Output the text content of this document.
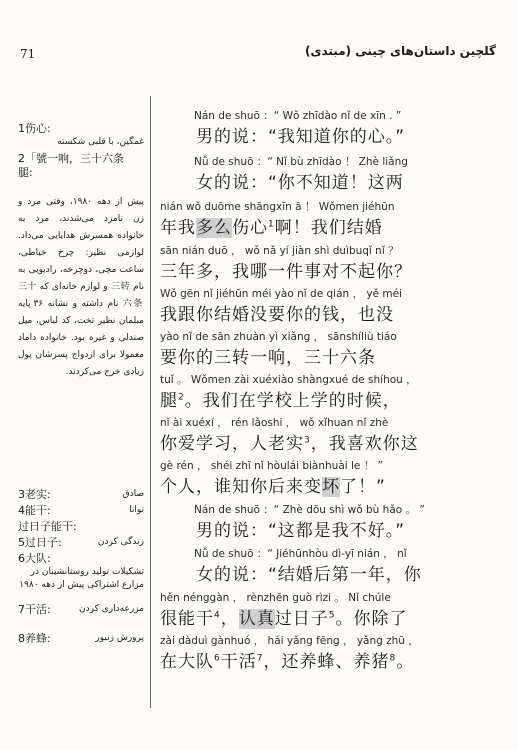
71	گلچین داستان‌های چینی (مبتدی)
1伤心:
غمگین، با قلبی شکسته
2「號一响，三十六条
腿:
پیش از دهه ۱۹۸۰، وقتی مرد و زن نامزد می‌شدند، مرد به خانواده همسرش هدایایی می‌داد. لوازمی نظیر: چرخ خیاطی، ساعت مچی، دوچرخه، رادیویی به نام 三转 و لوازم خانه‌ای که 三十六条 نام داشته و نشانه ۳۶ پایه مبلمان نظیر تخت، کد لباس، میل صندلی و غیره بود. خانواده داماد معمولا برای ازدواج پسرشان پول زیادی خرج می‌کردند.
3老实:	صادق
4能干:	توانا
过日子能干:
5过日子:	زندگی کردن
6大队:
تشکیلات تولید روستانشینان در مزارع اشتراکی پیش از دهه ۱۹۸۰
7干活:	مزرعه‌داری کردن
8养蜂:	پرورش زنبور
Nán de shuō ：“ Wǒ zhīdào nǐ de xīn . ”
男的说：“我知道你的心。”
Nǚ de shuō ：“ Nǐ bù zhīdào ！ Zhè liǎng
女的说：“你不知道！这两
nián wǒ duōme shāngxīn ā ！ Wǒmen jiéhūn
年我多么伤心$^1$啊！我们结婚
sān nián duō ， wǒ nǎ yí jiàn shì duìbuqǐ nǐ ？
三年多，我哪一件事对不起你？
Wǒ gēn nǐ jiéhūn méi yào nǐ de qián ， yě méi
我跟你结婚没要你的钱，也没
yào nǐ de sān zhuàn yì xiǎng ， sānshíliù tiáo
要你的三转一响，三十六条
tuǐ 。 Wǒmen zài xuéxiào shàngxué de shíhou ，
腿$^2$。我们在学校上学的时候，
nǐ ài xuéxí ， rén lǎoshi ， wǒ xǐhuan nǐ zhè
你爱学习，人老实$^3$，我喜欢你这
gè rén ， shéi zhī nǐ hòulái biànhuài le ！ ”
个人，谁知你后来变坏了！”
Nán de shuō ：“ Zhè dōu shì wǒ bù hǎo 。 ”
男的说：“这都是我不好。”
Nǚ de shuō ：“ Jiéhūnhòu dì-yī nián ， nǐ
女的说：“结婚后第一年，你
hěn nénggàn ， rènzhēn guò rìzi 。 Nǐ chúle
很能干$^4$，认真过日子$^5$。你除了
zài dàduì gànhuó ， hái yǎng fēng ， yǎng zhū ，
在大队$^6$干活$^7$，还养蜂、养猪$^8$。
